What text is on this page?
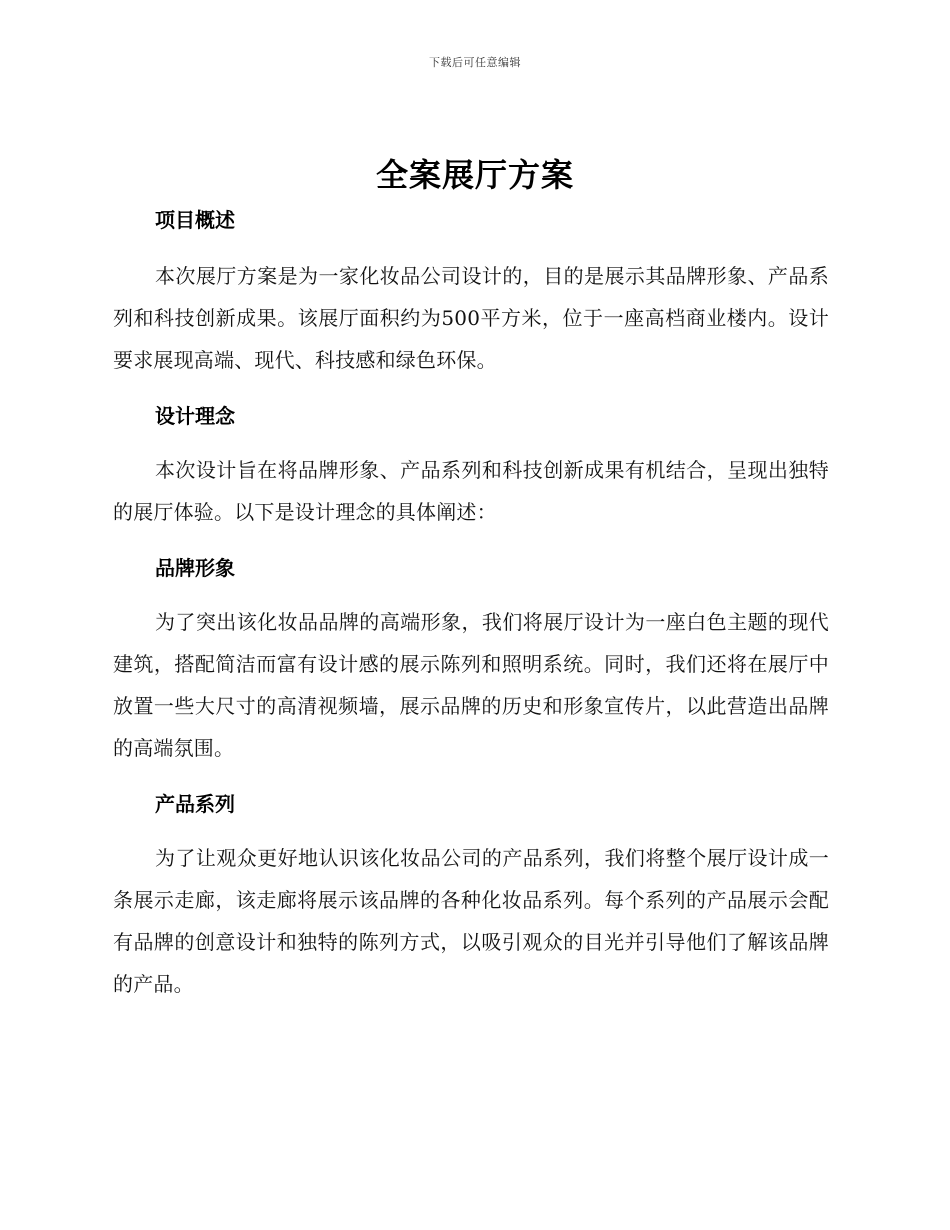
下载后可任意编辑
全案展厅方案
项目概述

本次展厅方案是为一家化妆品公司设计的，目的是展示其品牌形象、产品系列和科技创新成果。该展厅面积约为500平方米，位于一座高档商业楼内。设计要求展现高端、现代、科技感和绿色环保。

设计理念

本次设计旨在将品牌形象、产品系列和科技创新成果有机结合，呈现出独特的展厅体验。以下是设计理念的具体阐述：

品牌形象

为了突出该化妆品品牌的高端形象，我们将展厅设计为一座白色主题的现代建筑，搭配简洁而富有设计感的展示陈列和照明系统。同时，我们还将在展厅中放置一些大尺寸的高清视频墙，展示品牌的历史和形象宣传片，以此营造出品牌的高端氛围。

产品系列

为了让观众更好地认识该化妆品公司的产品系列，我们将整个展厅设计成一条展示走廊，该走廊将展示该品牌的各种化妆品系列。每个系列的产品展示会配有品牌的创意设计和独特的陈列方式，以吸引观众的目光并引导他们了解该品牌的产品。
